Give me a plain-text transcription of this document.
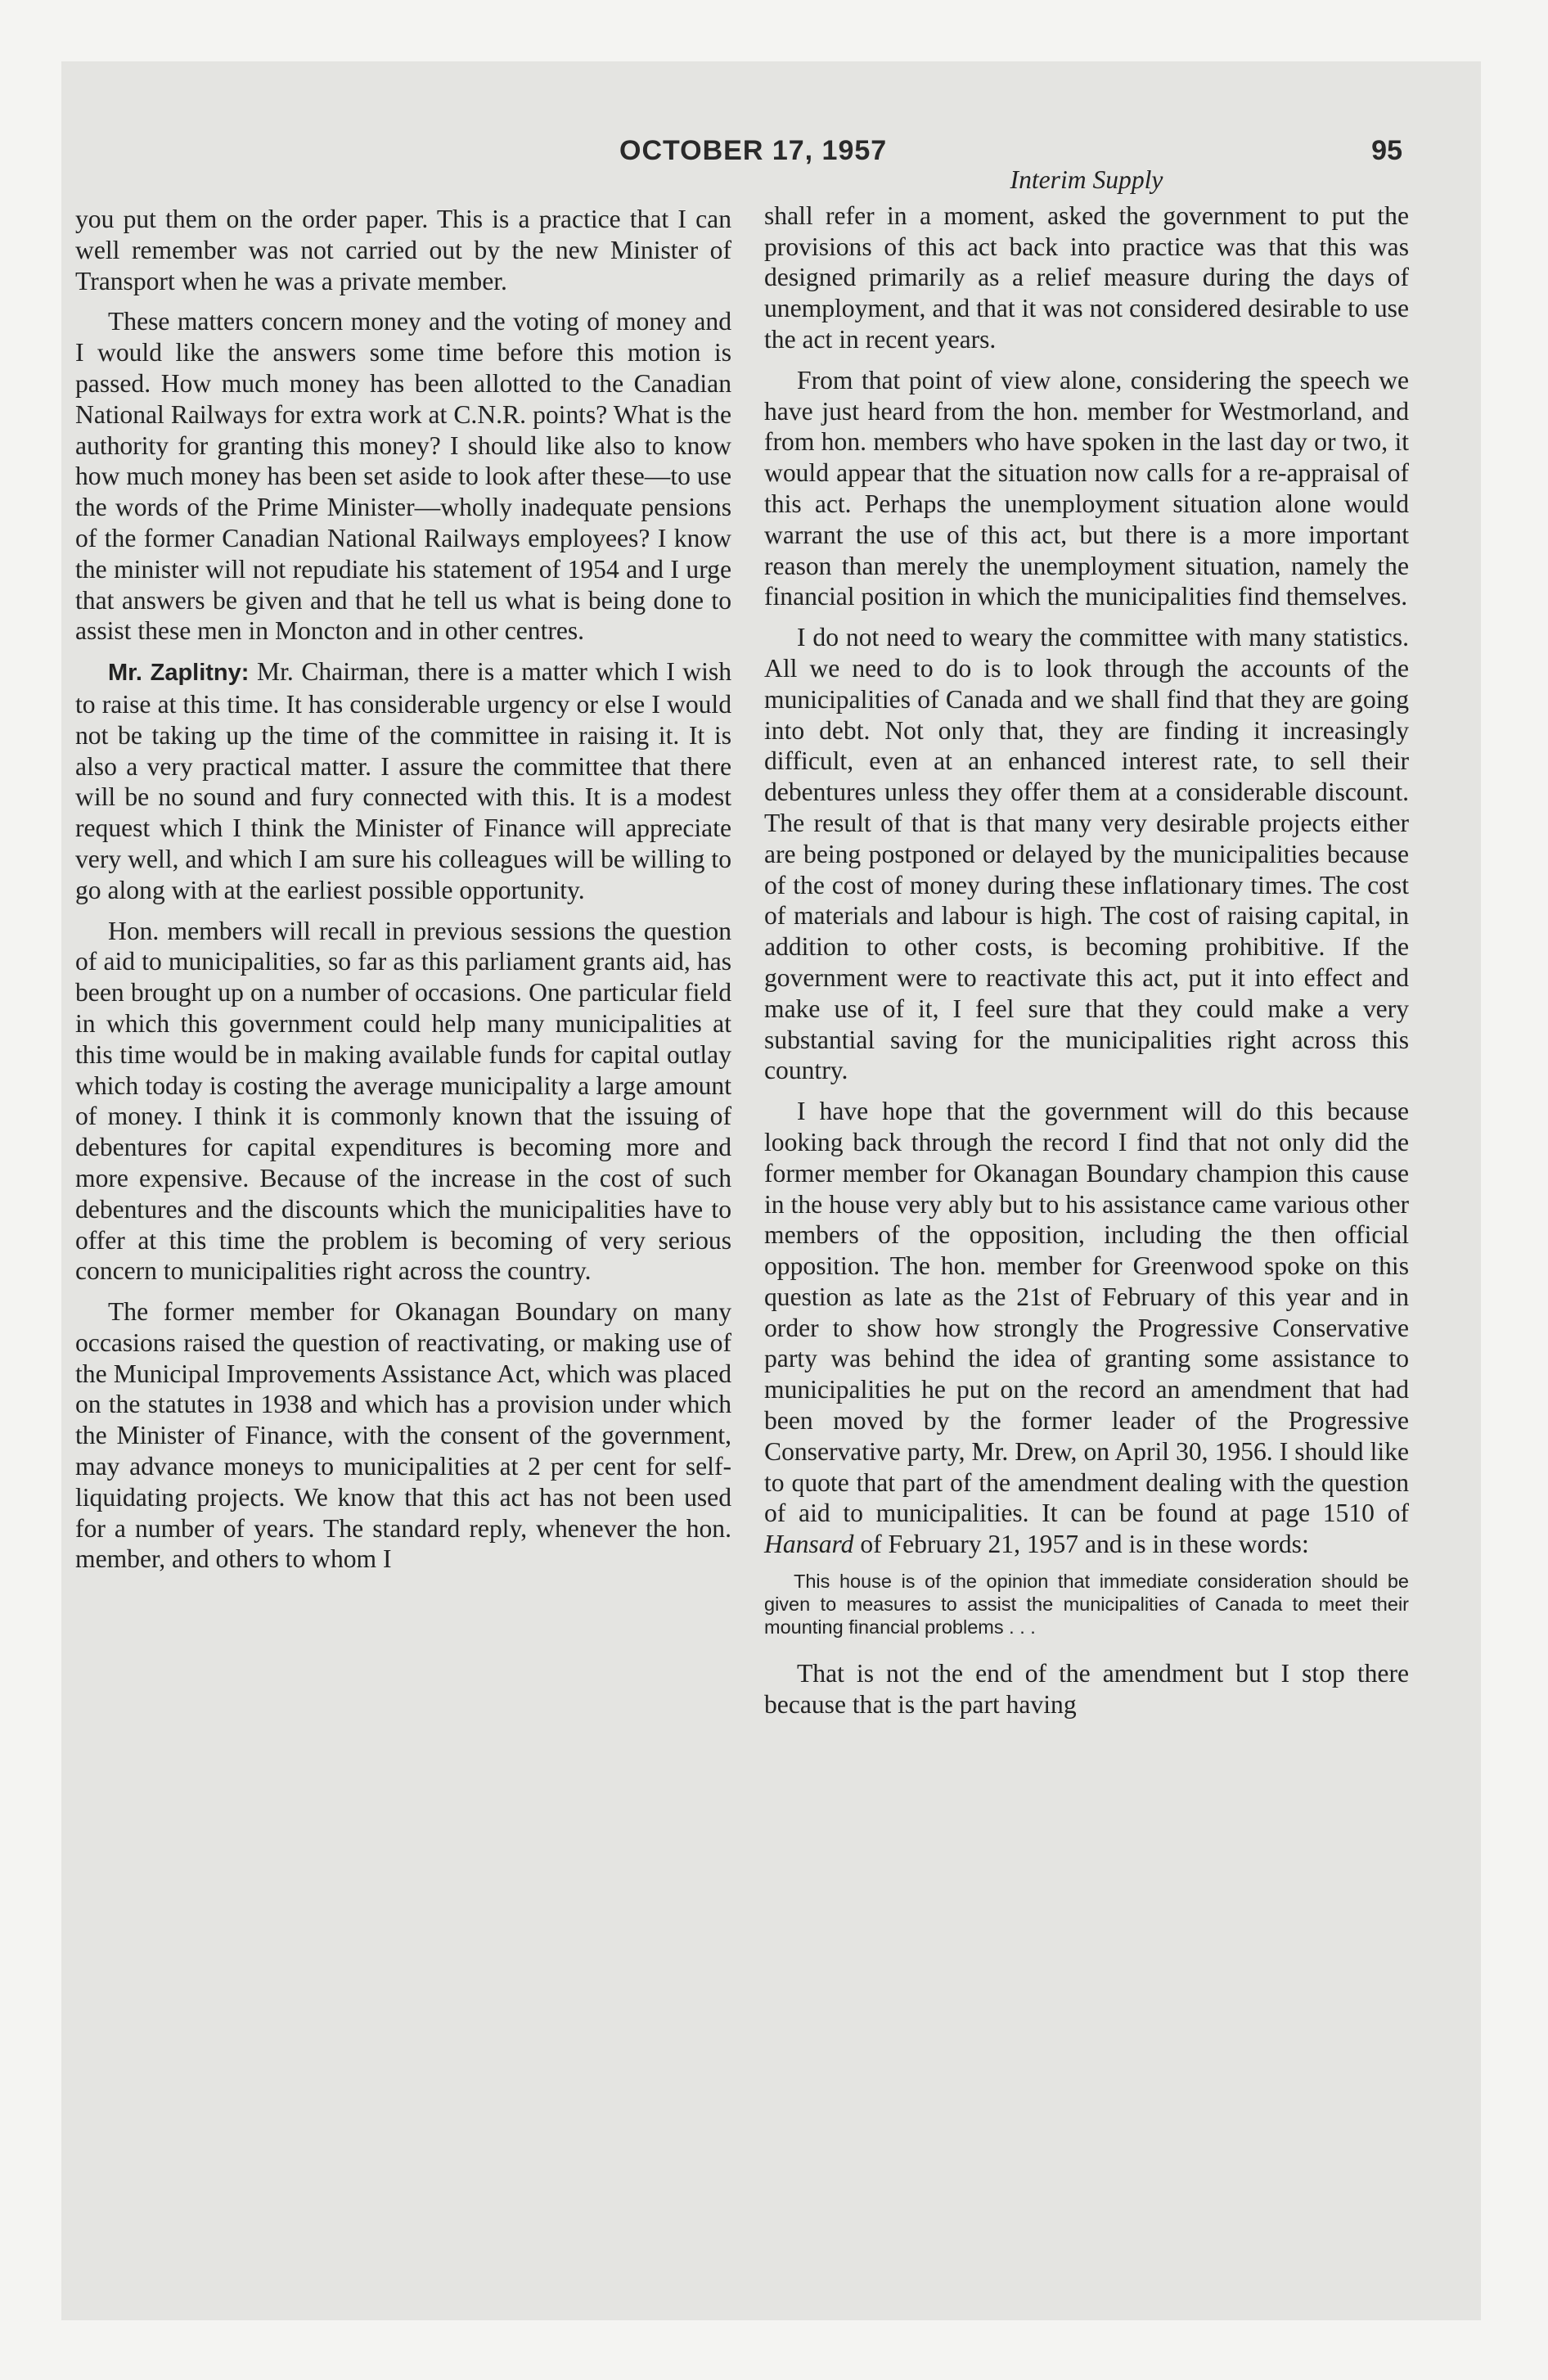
OCTOBER 17, 1957	95

you put them on the order paper. This is a practice that I can well remember was not carried out by the new Minister of Transport when he was a private member.

These matters concern money and the voting of money and I would like the answers some time before this motion is passed. How much money has been allotted to the Canadian National Railways for extra work at C.N.R. points? What is the authority for granting this money? I should like also to know how much money has been set aside to look after these—to use the words of the Prime Minister—wholly inadequate pensions of the former Canadian National Railways employees? I know the minister will not repudiate his statement of 1954 and I urge that answers be given and that he tell us what is being done to assist these men in Moncton and in other centres.

Mr. Zaplitny: Mr. Chairman, there is a matter which I wish to raise at this time. It has considerable urgency or else I would not be taking up the time of the committee in raising it. It is also a very practical matter. I assure the committee that there will be no sound and fury connected with this. It is a modest request which I think the Minister of Finance will appreciate very well, and which I am sure his colleagues will be willing to go along with at the earliest possible opportunity.

Hon. members will recall in previous sessions the question of aid to municipalities, so far as this parliament grants aid, has been brought up on a number of occasions. One particular field in which this government could help many municipalities at this time would be in making available funds for capital outlay which today is costing the average municipality a large amount of money. I think it is commonly known that the issuing of debentures for capital expenditures is becoming more and more expensive. Because of the increase in the cost of such debentures and the discounts which the municipalities have to offer at this time the problem is becoming of very serious concern to municipalities right across the country.

The former member for Okanagan Boundary on many occasions raised the question of reactivating, or making use of the Municipal Improvements Assistance Act, which was placed on the statutes in 1938 and which has a provision under which the Minister of Finance, with the consent of the government, may advance moneys to municipalities at 2 per cent for self-liquidating projects. We know that this act has not been used for a number of years. The standard reply, whenever the hon. member, and others to whom I

Interim Supply

shall refer in a moment, asked the government to put the provisions of this act back into practice was that this was designed primarily as a relief measure during the days of unemployment, and that it was not considered desirable to use the act in recent years.

From that point of view alone, considering the speech we have just heard from the hon. member for Westmorland, and from hon. members who have spoken in the last day or two, it would appear that the situation now calls for a re-appraisal of this act. Perhaps the unemployment situation alone would warrant the use of this act, but there is a more important reason than merely the unemployment situation, namely the financial position in which the municipalities find themselves.

I do not need to weary the committee with many statistics. All we need to do is to look through the accounts of the municipalities of Canada and we shall find that they are going into debt. Not only that, they are finding it increasingly difficult, even at an enhanced interest rate, to sell their debentures unless they offer them at a considerable discount. The result of that is that many very desirable projects either are being postponed or delayed by the municipalities because of the cost of money during these inflationary times. The cost of materials and labour is high. The cost of raising capital, in addition to other costs, is becoming prohibitive. If the government were to reactivate this act, put it into effect and make use of it, I feel sure that they could make a very substantial saving for the municipalities right across this country.

I have hope that the government will do this because looking back through the record I find that not only did the former member for Okanagan Boundary champion this cause in the house very ably but to his assistance came various other members of the opposition, including the then official opposition. The hon. member for Greenwood spoke on this question as late as the 21st of February of this year and in order to show how strongly the Progressive Conservative party was behind the idea of granting some assistance to municipalities he put on the record an amendment that had been moved by the former leader of the Progressive Conservative party, Mr. Drew, on April 30, 1956. I should like to quote that part of the amendment dealing with the question of aid to municipalities. It can be found at page 1510 of Hansard of February 21, 1957 and is in these words:

This house is of the opinion that immediate consideration should be given to measures to assist the municipalities of Canada to meet their mounting financial problems . . .

That is not the end of the amendment but I stop there because that is the part having
